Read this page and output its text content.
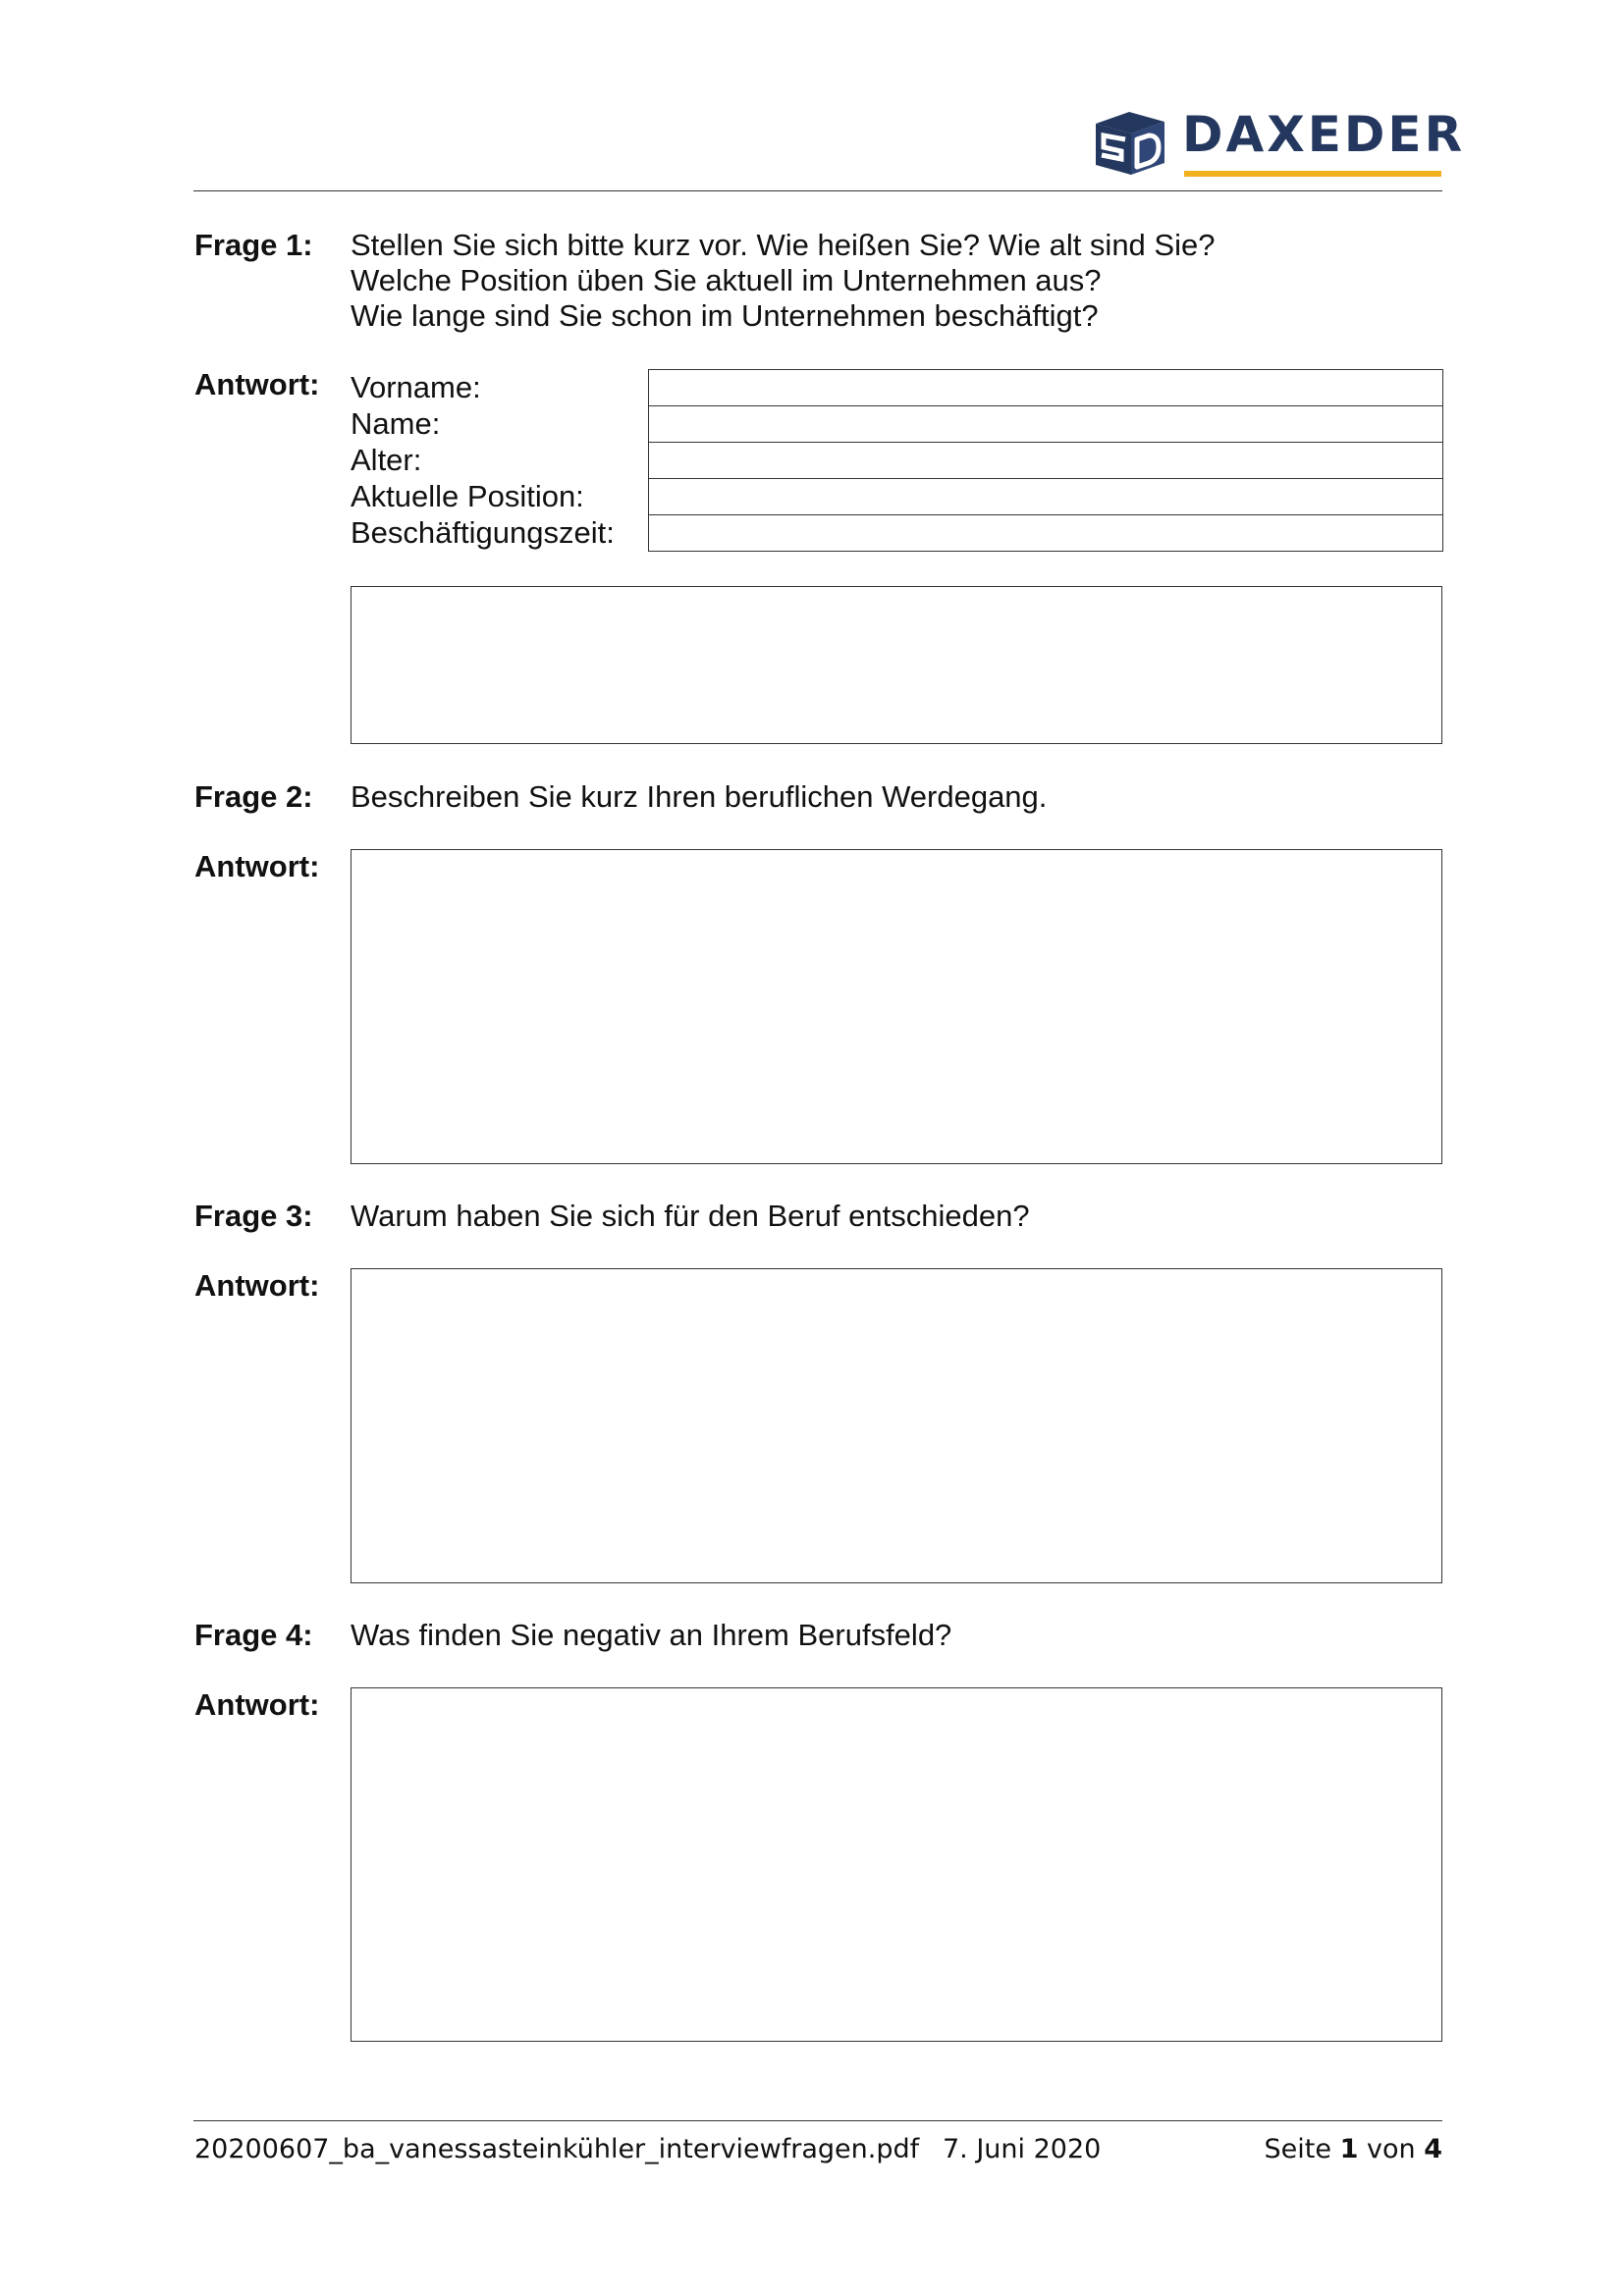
DAXEDER
Frage 1: Stellen Sie sich bitte kurz vor. Wie heißen Sie? Wie alt sind Sie?
Welche Position üben Sie aktuell im Unternehmen aus?
Wie lange sind Sie schon im Unternehmen beschäftigt?
Antwort: Vorname:
Name:
Alter:
Aktuelle Position:
Beschäftigungszeit:
Frage 2: Beschreiben Sie kurz Ihren beruflichen Werdegang.
Antwort:
Frage 3: Warum haben Sie sich für den Beruf entschieden?
Antwort:
Frage 4: Was finden Sie negativ an Ihrem Berufsfeld?
Antwort:
20200607_ba_vanessasteinkühler_interviewfragen.pdf 7. Juni 2020	Seite 1 von 4
